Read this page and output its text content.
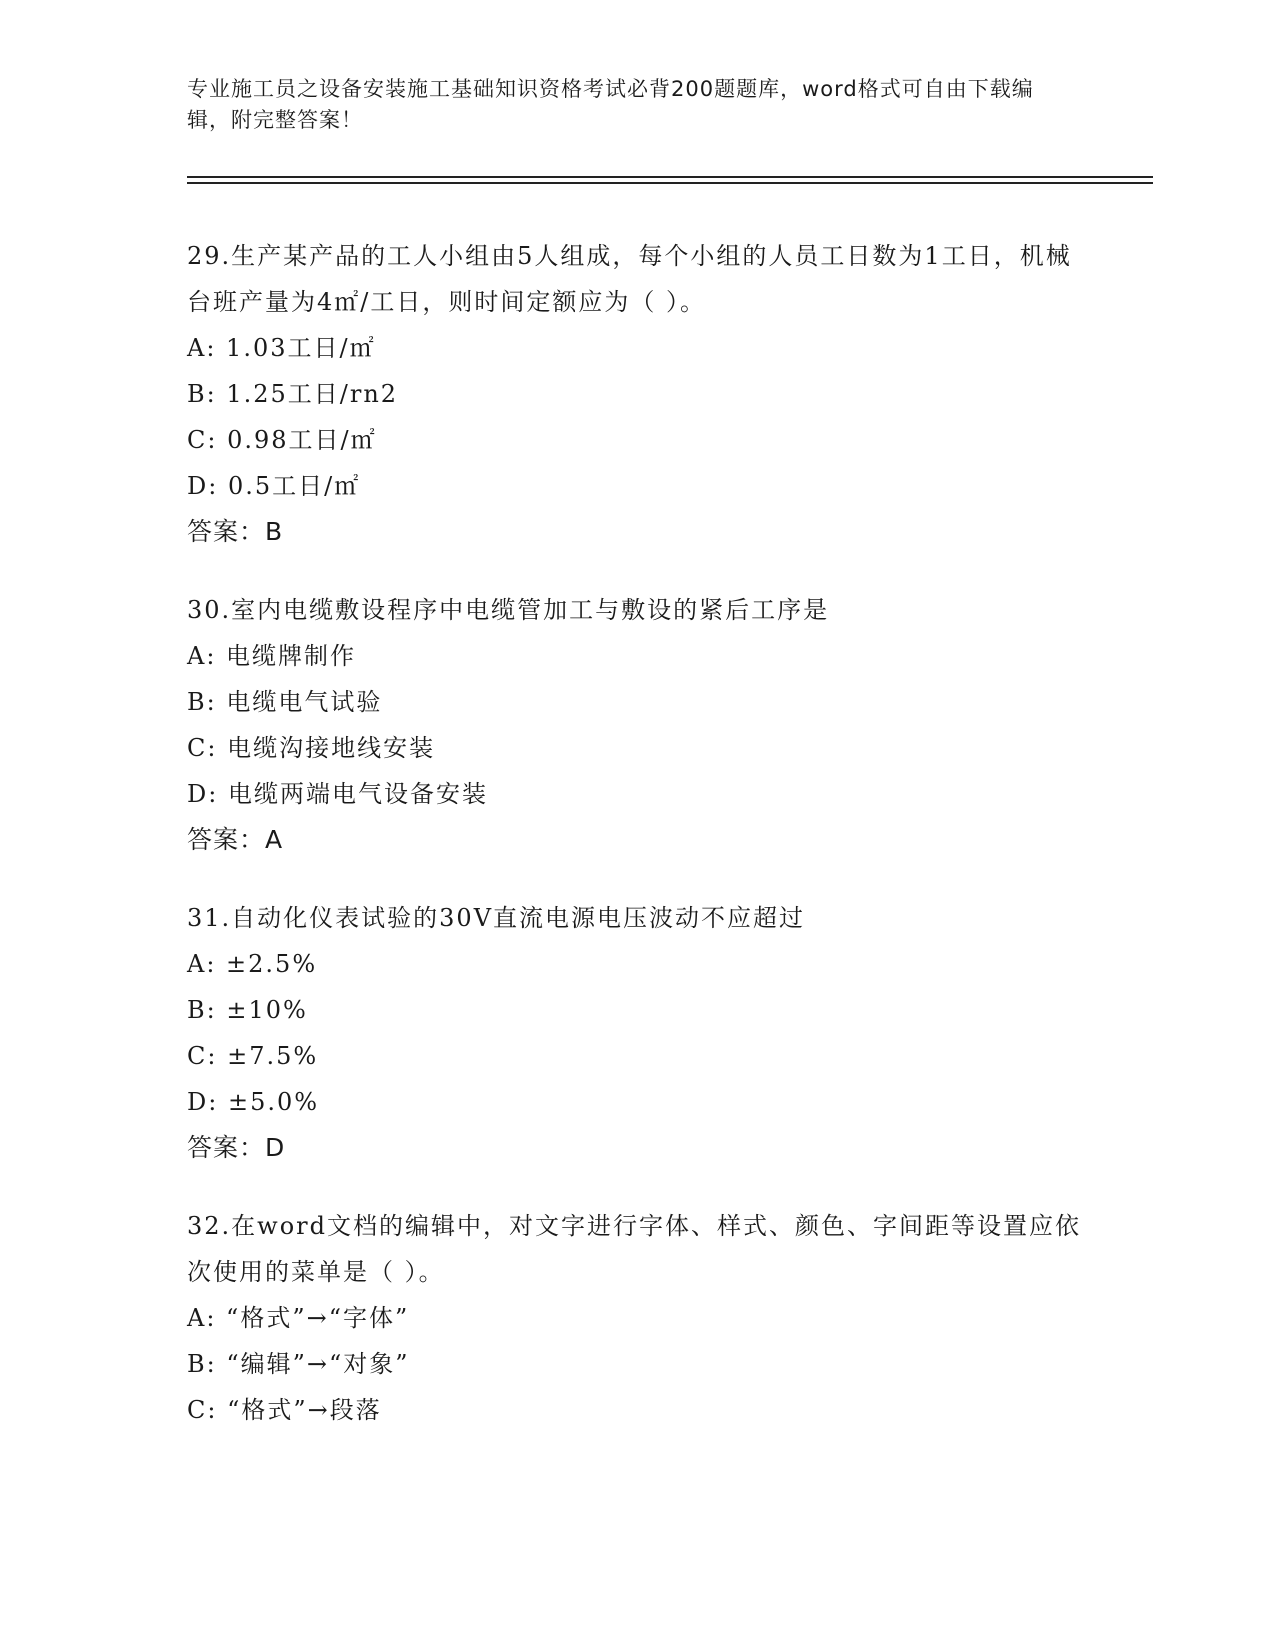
专业施工员之设备安装施工基础知识资格考试必背200题题库，word格式可自由下载编辑，附完整答案！
29.生产某产品的工人小组由5人组成，每个小组的人员工日数为1工日，机械台班产量为4㎡/工日，则时间定额应为（ ）。
A: 1.03工日/㎡
B: 1.25工日/rn2
C: 0.98工日/㎡
D: 0.5工日/㎡
答案：B
30.室内电缆敷设程序中电缆管加工与敷设的紧后工序是
A: 电缆牌制作
B: 电缆电气试验
C: 电缆沟接地线安装
D: 电缆两端电气设备安装
答案：A
31.自动化仪表试验的30V直流电源电压波动不应超过
A: ±2.5%
B: ±10%
C: ±7.5%
D: ±5.0%
答案：D
32.在word文档的编辑中，对文字进行字体、样式、颜色、字间距等设置应依次使用的菜单是（ ）。
A: “格式”→“字体”
B: “编辑”→“对象”
C: “格式”→段落
